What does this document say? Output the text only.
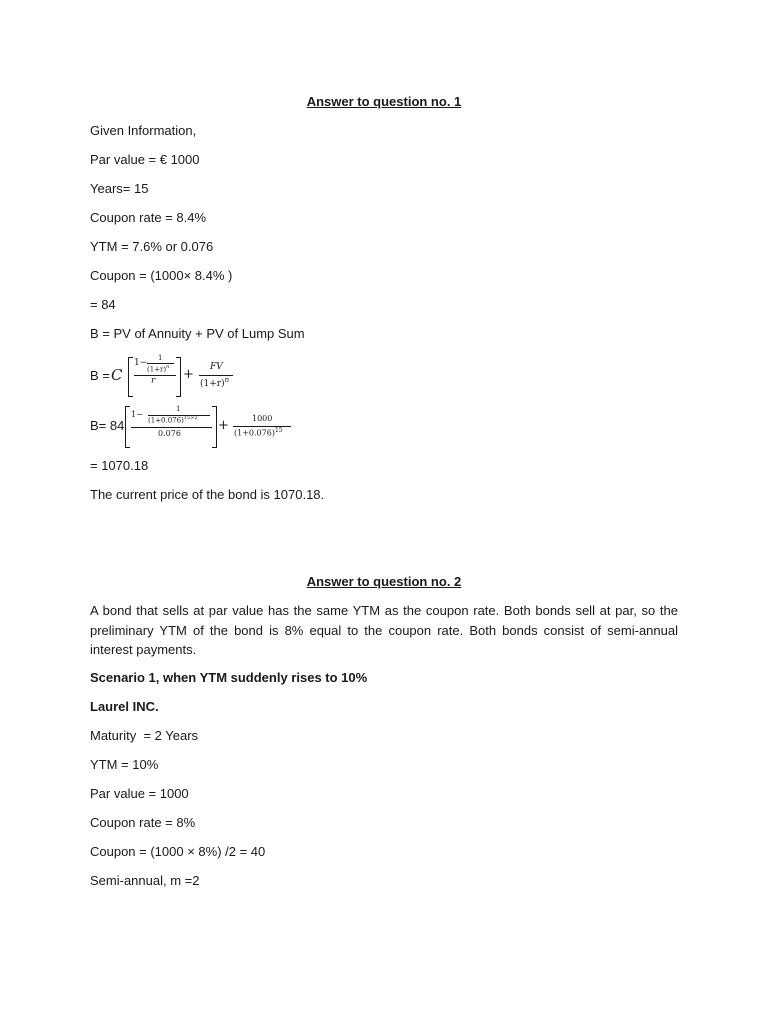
Answer to question no. 1
Given Information,
Par value = € 1000
Years= 15
Coupon rate = 8.4%
YTM = 7.6% or 0.076
Coupon = (1000× 8.4% )
= 84
B = PV of Annuity + PV of Lump Sum
B = C
1− 1
$(1+r)^n$
r + FV
$(1+r)^n$
B= 84
1−
1
$(1+0.076)^{15\times 2}$
0.076
+	1000
$(1+0.076)^{15}$
= 1070.18
The current price of the bond is 1070.18.
Answer to question no. 2
A bond that sells at par value has the same YTM as the coupon rate. Both bonds sell at par, so the preliminary YTM of the bond is 8% equal to the coupon rate. Both bonds consist of semi-annual interest payments.
Scenario 1, when YTM suddenly rises to 10%
Laurel INC.
Maturity  = 2 Years
YTM = 10%
Par value = 1000
Coupon rate = 8%
Coupon = (1000 × 8%) /2 = 40
Semi-annual, m =2
